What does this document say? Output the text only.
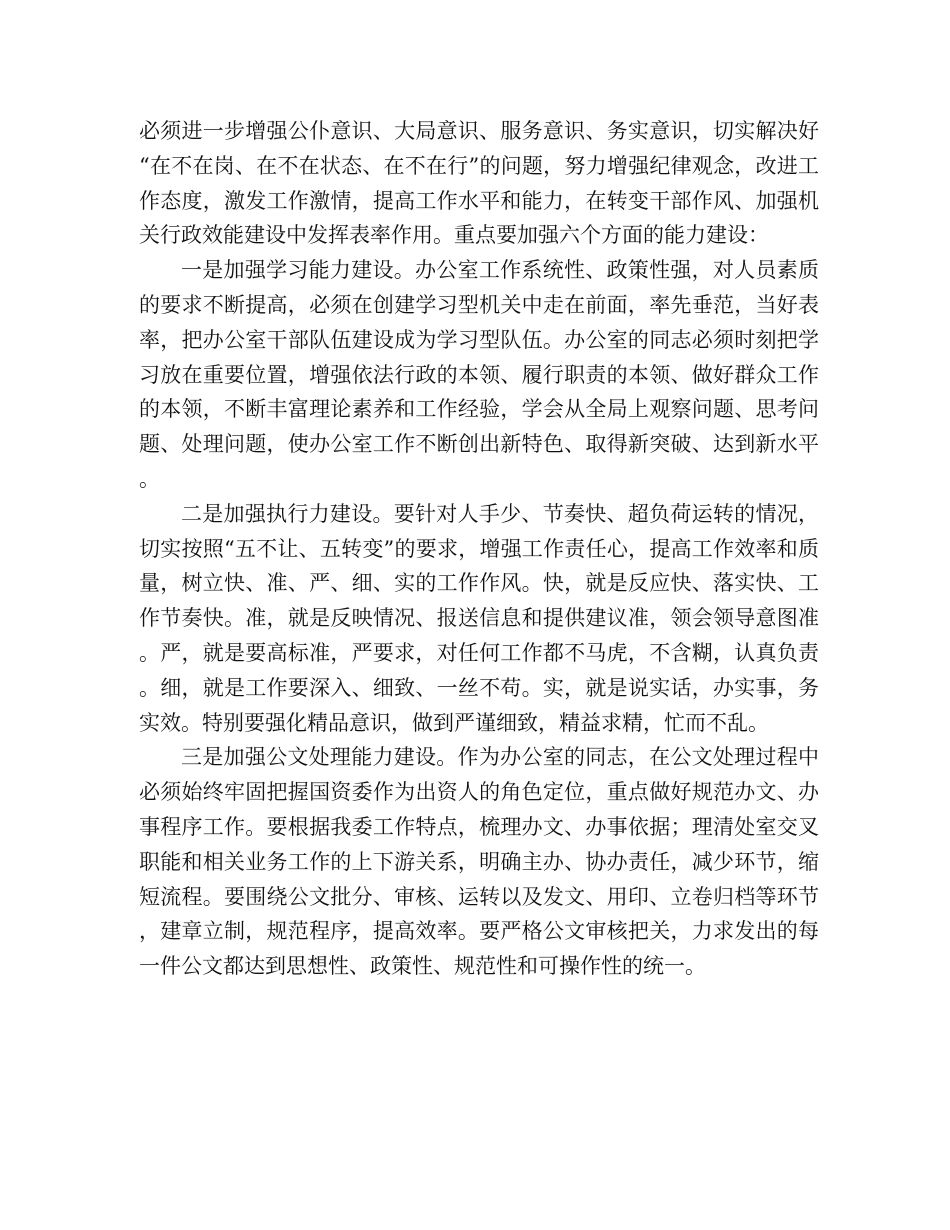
必须进一步增强公仆意识、大局意识、服务意识、务实意识，切实解决好“在不在岗、在不在状态、在不在行”的问题，努力增强纪律观念，改进工作态度，激发工作激情，提高工作水平和能力，在转变干部作风、加强机关行政效能建设中发挥表率作用。重点要加强六个方面的能力建设：

一是加强学习能力建设。办公室工作系统性、政策性强，对人员素质的要求不断提高，必须在创建学习型机关中走在前面，率先垂范，当好表率，把办公室干部队伍建设成为学习型队伍。办公室的同志必须时刻把学习放在重要位置，增强依法行政的本领、履行职责的本领、做好群众工作的本领，不断丰富理论素养和工作经验，学会从全局上观察问题、思考问题、处理问题，使办公室工作不断创出新特色、取得新突破、达到新水平。

二是加强执行力建设。要针对人手少、节奏快、超负荷运转的情况，切实按照“五不让、五转变”的要求，增强工作责任心，提高工作效率和质量，树立快、准、严、细、实的工作作风。快，就是反应快、落实快、工作节奏快。准，就是反映情况、报送信息和提供建议准，领会领导意图准。严，就是要高标准，严要求，对任何工作都不马虎，不含糊，认真负责。细，就是工作要深入、细致、一丝不苟。实，就是说实话，办实事，务实效。特别要强化精品意识，做到严谨细致，精益求精，忙而不乱。

三是加强公文处理能力建设。作为办公室的同志，在公文处理过程中必须始终牢固把握国资委作为出资人的角色定位，重点做好规范办文、办事程序工作。要根据我委工作特点，梳理办文、办事依据；理清处室交叉职能和相关业务工作的上下游关系，明确主办、协办责任，减少环节，缩短流程。要围绕公文批分、审核、运转以及发文、用印、立卷归档等环节，建章立制，规范程序，提高效率。要严格公文审核把关，力求发出的每一件公文都达到思想性、政策性、规范性和可操作性的统一。
